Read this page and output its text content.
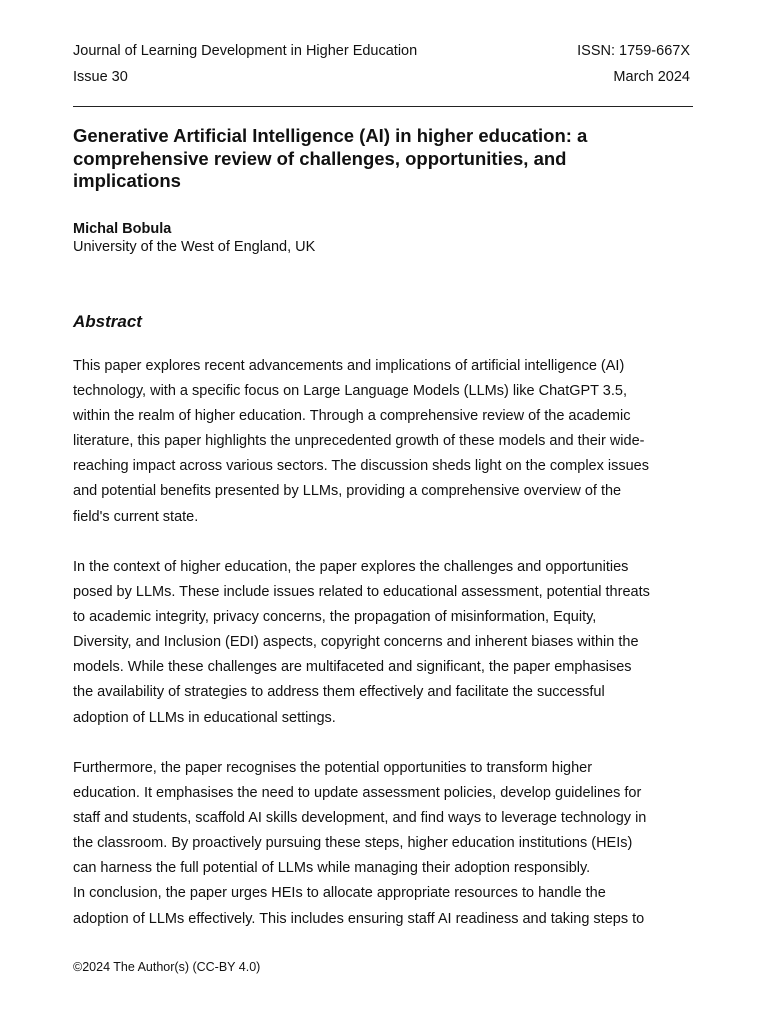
Journal of Learning Development in Higher Education	ISSN: 1759-667X
Issue 30	March 2024
Generative Artificial Intelligence (AI) in higher education: a comprehensive review of challenges, opportunities, and implications
Michal Bobula
University of the West of England, UK
Abstract

This paper explores recent advancements and implications of artificial intelligence (AI)
technology, with a specific focus on Large Language Models (LLMs) like ChatGPT 3.5,
within the realm of higher education. Through a comprehensive review of the academic
literature, this paper highlights the unprecedented growth of these models and their wide-
reaching impact across various sectors. The discussion sheds light on the complex issues
and potential benefits presented by LLMs, providing a comprehensive overview of the
field's current state.

In the context of higher education, the paper explores the challenges and opportunities
posed by LLMs. These include issues related to educational assessment, potential threats
to academic integrity, privacy concerns, the propagation of misinformation, Equity,
Diversity, and Inclusion (EDI) aspects, copyright concerns and inherent biases within the
models. While these challenges are multifaceted and significant, the paper emphasises
the availability of strategies to address them effectively and facilitate the successful
adoption of LLMs in educational settings.

Furthermore, the paper recognises the potential opportunities to transform higher
education. It emphasises the need to update assessment policies, develop guidelines for
staff and students, scaffold AI skills development, and find ways to leverage technology in
the classroom. By proactively pursuing these steps, higher education institutions (HEIs)
can harness the full potential of LLMs while managing their adoption responsibly.
In conclusion, the paper urges HEIs to allocate appropriate resources to handle the
adoption of LLMs effectively. This includes ensuring staff AI readiness and taking steps to

©2024 The Author(s) (CC-BY 4.0)
